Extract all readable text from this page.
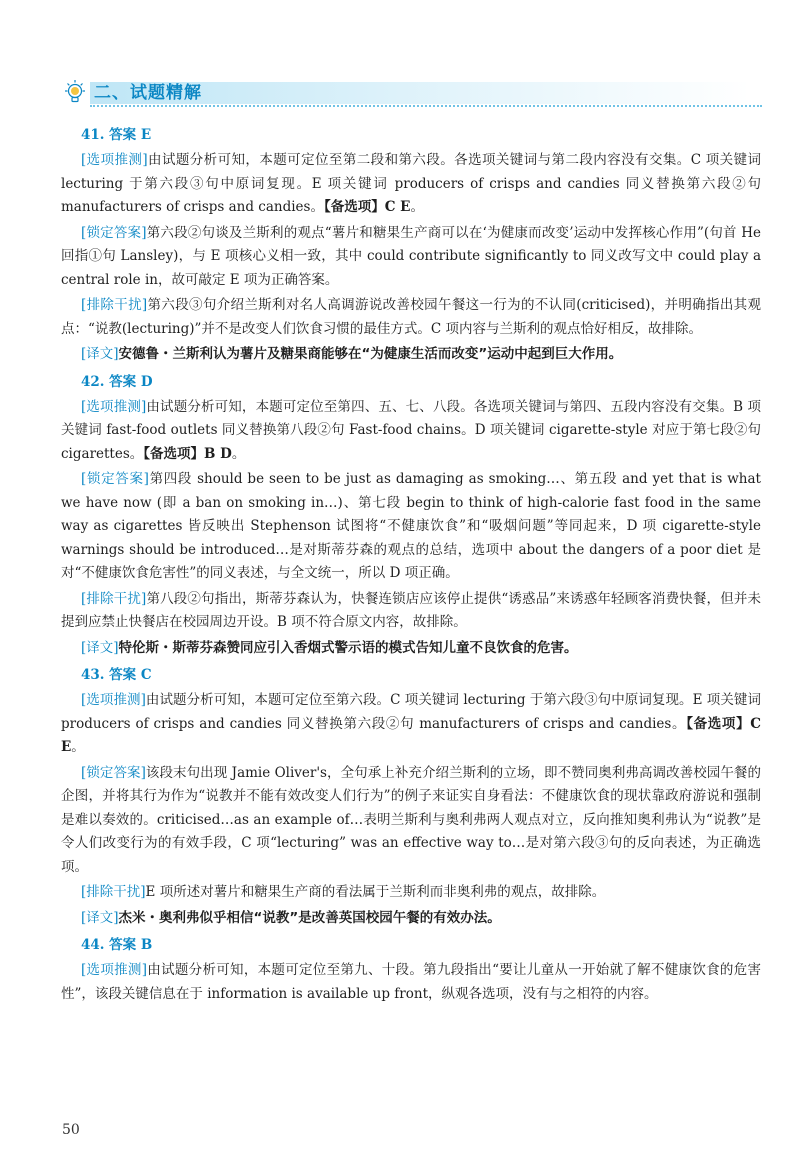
二、试题精解
41. 答案 E

[选项推测]由试题分析可知，本题可定位至第二段和第六段。各选项关键词与第二段内容没有交集。C 项关键词 lecturing 于第六段③句中原词复现。E 项关键词 producers of crisps and candies 同义替换第六段②句 manufacturers of crisps and candies。【备选项】C E。

[锁定答案]第六段②句谈及兰斯利的观点“薯片和糖果生产商可以在‘为健康而改变’运动中发挥核心作用”(句首 He 回指①句 Lansley)，与 E 项核心义相一致，其中 could contribute significantly to 同义改写文中 could play a central role in，故可敲定 E 项为正确答案。

[排除干扰]第六段③句介绍兰斯利对名人高调游说改善校园午餐这一行为的不认同(criticised)，并明确指出其观点：“说教(lecturing)”并不是改变人们饮食习惯的最佳方式。C 项内容与兰斯利的观点恰好相反，故排除。

[译文]安德鲁・兰斯利认为薯片及糖果商能够在“为健康生活而改变”运动中起到巨大作用。

42. 答案 D

[选项推测]由试题分析可知，本题可定位至第四、五、七、八段。各选项关键词与第四、五段内容没有交集。B 项关键词 fast-food outlets 同义替换第八段②句 Fast-food chains。D 项关键词 cigarette-style 对应于第七段②句 cigarettes。【备选项】B D。

[锁定答案]第四段 should be seen to be just as damaging as smoking…、第五段 and yet that is what we have now (即 a ban on smoking in…)、第七段 begin to think of high-calorie fast food in the same way as cigarettes 皆反映出 Stephenson 试图将“不健康饮食”和“吸烟问题”等同起来，D 项 cigarette-style warnings should be introduced…是对斯蒂芬森的观点的总结，选项中 about the dangers of a poor diet 是对“不健康饮食危害性”的同义表述，与全文统一，所以 D 项正确。

[排除干扰]第八段②句指出，斯蒂芬森认为，快餐连锁店应该停止提供“诱惑品”来诱惑年轻顾客消费快餐，但并未提到应禁止快餐店在校园周边开设。B 项不符合原文内容，故排除。

[译文]特伦斯・斯蒂芬森赞同应引入香烟式警示语的模式告知儿童不良饮食的危害。

43. 答案 C

[选项推测]由试题分析可知，本题可定位至第六段。C 项关键词 lecturing 于第六段③句中原词复现。E 项关键词 producers of crisps and candies 同义替换第六段②句 manufacturers of crisps and candies。【备选项】C E。

[锁定答案]该段末句出现 Jamie Oliver's，全句承上补充介绍兰斯利的立场，即不赞同奥利弗高调改善校园午餐的企图，并将其行为作为“说教并不能有效改变人们行为”的例子来证实自身看法：不健康饮食的现状靠政府游说和强制是难以奏效的。criticised…as an example of…表明兰斯利与奥利弗两人观点对立，反向推知奥利弗认为“说教”是令人们改变行为的有效手段，C 项“lecturing” was an effective way to…是对第六段③句的反向表述，为正确选项。

[排除干扰]E 项所述对薯片和糖果生产商的看法属于兰斯利而非奥利弗的观点，故排除。

[译文]杰米・奥利弗似乎相信“说教”是改善英国校园午餐的有效办法。

44. 答案 B

[选项推测]由试题分析可知，本题可定位至第九、十段。第九段指出“要让儿童从一开始就了解不健康饮食的危害性”，该段关键信息在于 information is available up front，纵观各选项，没有与之相符的内容。

50
